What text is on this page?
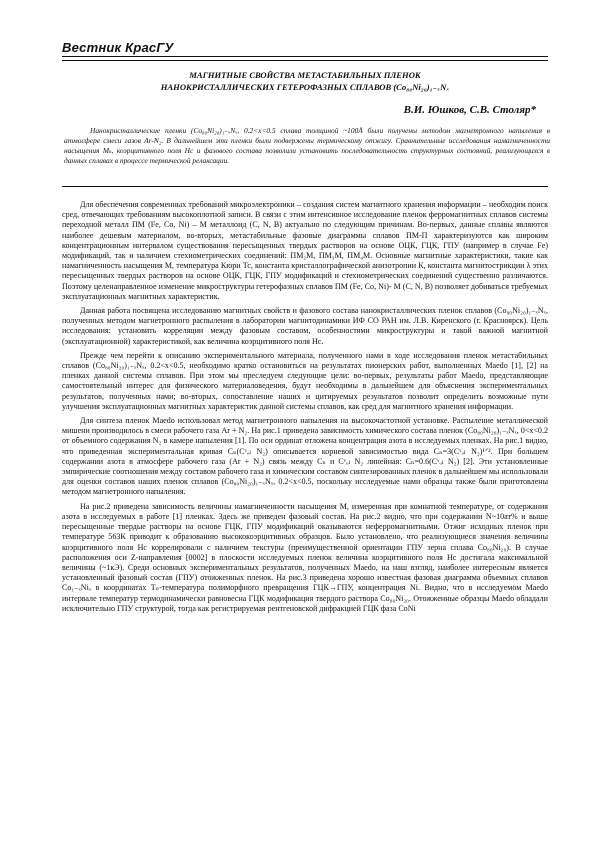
Вестник КрасГУ
МАГНИТНЫЕ СВОЙСТВА МЕТАСТАБИЛЬНЫХ ПЛЕНОК
НАНОКРИСТАЛЛИЧЕСКИХ ГЕТЕРОФАЗНЫХ СПЛАВОВ (Co₈₀Ni₂₀)₁₋ₓNₓ
В.И. Юшков, С.В. Столяр*
Нанокристаллические пленки (Co₈₀Ni₂₀)₁₋ₓNₓ, 0.2<x<0.5 сплава толщиной ~100Å были получены методом магнетронного напыления в атмосфере смеси газов Ar-N₂. В дальнейшем эти пленки были подвержены термическому отжигу. Сравнительные исследования намагниченности насыщения Mₛ, коэрцитивного поля Hс и фазового состава позволили установить последовательность структурных состояний, реализующихся в данных сплавах в процессе термической релаксации.

Для обеспечения современных требований микроэлектроники – создания систем магнитного хранения информации – необходим поиск сред, отвечающих требованиям высокоплотной записи. В связи с этим интенсивное исследование пленок ферромагнитных сплавов системы переходной металл ПМ (Fe, Co, Ni) – М металлоид (C, N, B) актуально по следующим причинам. Во-первых, данные сплавы являются наиболее дешевым материалом, во-вторых, метастабильные фазовые диаграммы сплавов ПМ-П характеризуются как широким концентрационным интервалом существования пересыщенных твердых растворов на основе ОЦК, ГЦК, ГПУ (например в случае Fe) модификаций, так и наличием стехиометрических соединений: ПМ₂М, ПМ₃М, ПМ₄М. Основные магнитные характеристики, такие как намагниченность насыщения М, температура Кюри Тс, константа кристаллографической анизотропии К, константа магнитострикции λ этих пересыщенных твердых растворов на основе ОЦК, ГЦК, ГПУ модификаций и стехиометрических соединений существенно различаются. Поэтому целенаправленное изменение микроструктуры гетерофазных сплавов ПМ (Fe, Co, Ni)- М (C, N, B) позволяет добиваться требуемых эксплуатационных магнитных характеристик.

Данная работа посвящена исследованию магнитных свойств и фазового состава нанокристаллических пленок сплавов (Co₈₀Ni₂₀)₁₋ₓNₓ, полученных методом магнетронного распыления в лаборатории магнитодинамики ИФ СО РАН им. Л.В. Киренского (г. Красноярск). Цель исследования: установить корреляции между фазовым составом, особенностями микроструктуры и такой важной магнитной (эксплуатационной) характеристикой, как величина коэрцитивного поля Hс.

Прежде чем перейти к описанию экспериментального материала, полученного нами в ходе исследования пленок метастабильных сплавов (Co₈₀Ni₂₀)₁₋ₓNₓ, 0.2<x<0.5, необходимо кратко остановиться на результатах пионерских работ, выполненных Maedo [1], [2] на пленках данной системы сплавов. При этом мы преследуем следующие цели: во-первых, результаты работ Maedo, представляющие самостоятельный интерес для физического материаловедения, будут необходимы в дальнейшем для объяснения экспериментальных результатов, полученных нами; во-вторых, сопоставление наших и цитируемых результатов позволит определить возможные пути улучшения эксплуатационных магнитных характеристик данной системы сплавов, как сред для магнитного хранения информации.

Для синтеза пленок Maedo использовал метод магнетронного напыления на высокочастотной установке. Распыление металлической мишени производилось в смеси рабочего газа Ar + N₂. На рис.1 приведена зависимость химического состава пленок (Co₈₀Ni₂₀)₁₋ₓNₓ, 0<x<0.2 от объемного содержания N₂ в камере напыления [1]. По оси ординат отложена концентрация азота в исследуемых пленках. На рис.1 видно, что приведенная экспериментальная кривая Cₙ(Cᵛₒₗ N₂) описывается корневой зависимостью вида Cₙ=3(Cᵛₒₗ N₂)¹ᐟ². При большем содержании азота в атмосфере рабочего газа (Ar + N₂) связь между Cₙ и Cᵛₒₗ N₂ линейная: Cₙ=0.6(Cᵛₒₗ N₂) [2]. Эти установленные эмпирические соотношения между составом рабочего газа и химическим составом синтезированных пленок в дальнейшем мы использовали для оценки составов наших пленок сплавов (Co₈₀Ni₂₀)₁₋ₓNₓ, 0.2<x<0.5, поскольку исследуемые нами образцы также были приготовлены методом магнетронного напыления.

На рис.2 приведена зависимость величины намагниченности насыщения М, измеренная при комнатной температуре, от содержания азота в исследуемых в работе [1] пленках. Здесь же приведен фазовый состав. На рис.2 видно, что при содержании N~10ат% и выше пересыщенные твердые растворы на основе ГЦК, ГПУ модификаций оказываются неферромагнитными. Отжиг исходных пленок при температуре 563К приводит к образованию высококоэрцитивных образцов. Было установлено, что реализующиеся значения величины коэрцитивного поля Hс коррелировали с наличием текстуры (преимущественной ориентации ГПУ зерна сплава Co₈₀Ni₂₀). В случае расположения оси Z-направления [0002] в плоскости исследуемых пленок величина коэрцитивного поля Hс достигала максимальной величины (~1кЭ). Среди основных экспериментальных результатов, полученных Maedo, на наш взгляд, наиболее интересным является установленный фазовый состав (ГПУ) отожженных пленок. На рис.3 приведена хорошо известная фазовая диаграмма объемных сплавов Co₁₋ₓNiₓ в координатах Tₙ-температура полиморфного превращения ГЦК→ГПУ, концентрация Ni. Видно, что в исследуемом Maedo интервале температур термодинамически равновесна ГЦК модификация твердого раствора Co₈₀Ni₂₀. Отожженные образцы Maedo обладали исключительно ГПУ структурой, тогда как регистрируемая рентгеновской дифракцией ГЦК фаза CoNi
